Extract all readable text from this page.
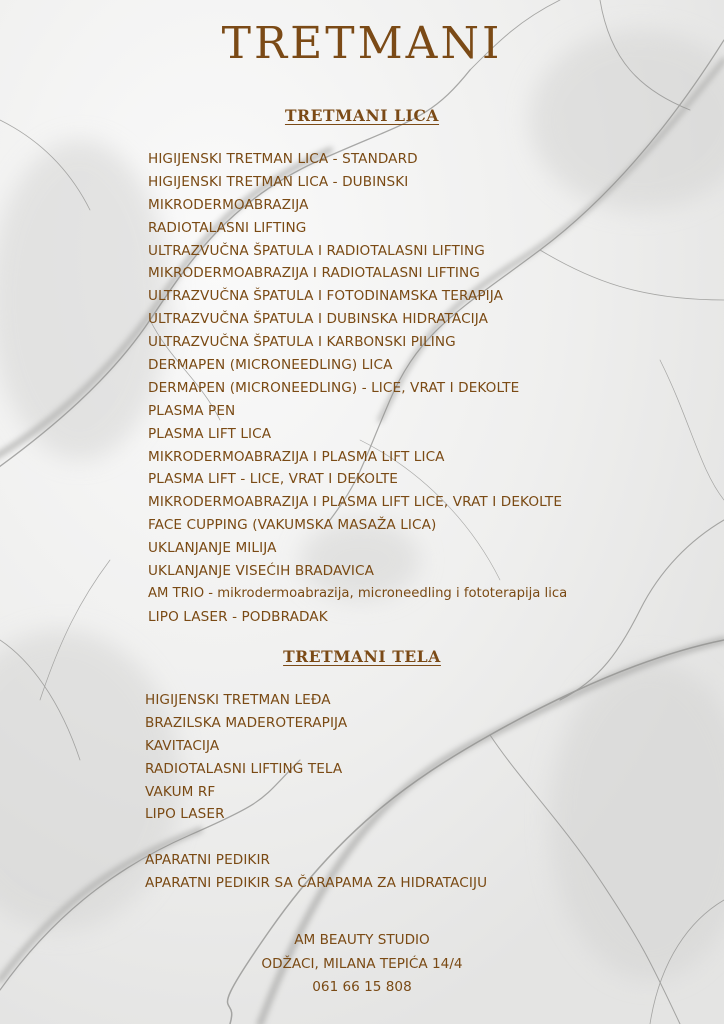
TRETMANI
TRETMANI LICA
HIGIJENSKI TRETMAN LICA - STANDARD
HIGIJENSKI TRETMAN LICA - DUBINSKI
MIKRODERMOABRAZIJA
RADIOTALASNI LIFTING
ULTRAZVUČNA ŠPATULA I RADIOTALASNI LIFTING
MIKRODERMOABRAZIJA I RADIOTALASNI LIFTING
ULTRAZVUČNA ŠPATULA I FOTODINAMSKA TERAPIJA
ULTRAZVUČNA ŠPATULA I DUBINSKA HIDRATACIJA
ULTRAZVUČNA ŠPATULA I KARBONSKI PILING
DERMAPEN (MICRONEEDLING) LICA
DERMAPEN (MICRONEEDLING) - LICE, VRAT I DEKOLTE
PLASMA PEN
PLASMA LIFT LICA
MIKRODERMOABRAZIJA I PLASMA LIFT LICA
PLASMA LIFT - LICE, VRAT I DEKOLTE
MIKRODERMOABRAZIJA I PLASMA LIFT LICE, VRAT I DEKOLTE
FACE CUPPING (VAKUMSKA MASAŽA LICA)
UKLANJANJE MILIJA
UKLANJANJE VISEĆIH BRADAVICA
AM TRIO - mikrodermoabrazija, microneedling i fototerapija lica
LIPO LASER - PODBRADAK
TRETMANI TELA
HIGIJENSKI TRETMAN LEĐA
BRAZILSKA MADEROTERAPIJA
KAVITACIJA
RADIOTALASNI LIFTING TELA
VAKUM RF
LIPO LASER
APARATNI PEDIKIR
APARATNI PEDIKIR SA ČARAPAMA ZA HIDRATACIJU
AM BEAUTY STUDIO
ODŽACI, MILANA TEPIĆA 14/4
061 66 15 808
